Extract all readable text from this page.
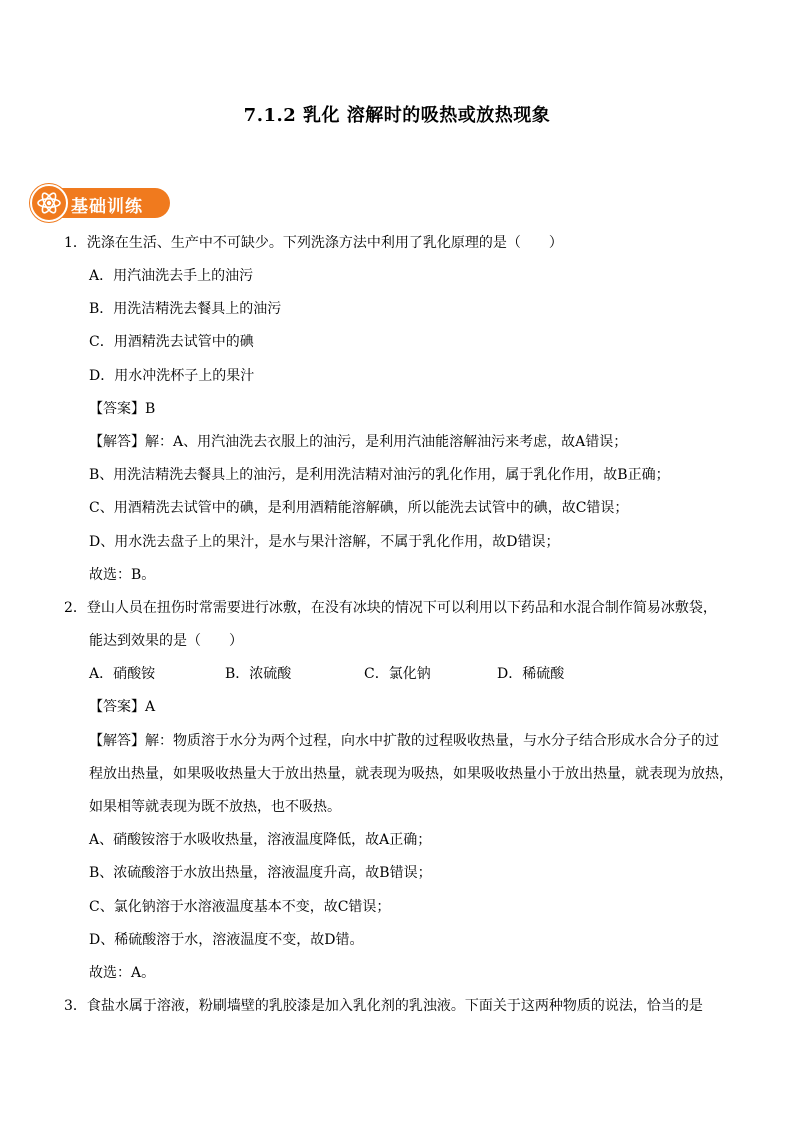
7.1.2 乳化 溶解时的吸热或放热现象
基础训练
1．洗涤在生活、生产中不可缺少。下列洗涤方法中利用了乳化原理的是（　　）
A．用汽油洗去手上的油污
B．用洗洁精洗去餐具上的油污
C．用酒精洗去试管中的碘
D．用水冲洗杯子上的果汁
【答案】B
【解答】解：A、用汽油洗去衣服上的油污，是利用汽油能溶解油污来考虑，故A错误；
B、用洗洁精洗去餐具上的油污，是利用洗洁精对油污的乳化作用，属于乳化作用，故B正确；
C、用酒精洗去试管中的碘，是利用酒精能溶解碘，所以能洗去试管中的碘，故C错误；
D、用水洗去盘子上的果汁，是水与果汁溶解，不属于乳化作用，故D错误；
故选：B。
2．登山人员在扭伤时常需要进行冰敷，在没有冰块的情况下可以利用以下药品和水混合制作简易冰敷袋，
能达到效果的是（　　）
A．硝酸铵	B．浓硫酸	C．氯化钠	D．稀硫酸
【答案】A
【解答】解：物质溶于水分为两个过程，向水中扩散的过程吸收热量，与水分子结合形成水合分子的过
程放出热量，如果吸收热量大于放出热量，就表现为吸热，如果吸收热量小于放出热量，就表现为放热，
如果相等就表现为既不放热，也不吸热。
A、硝酸铵溶于水吸收热量，溶液温度降低，故A正确；
B、浓硫酸溶于水放出热量，溶液温度升高，故B错误；
C、氯化钠溶于水溶液温度基本不变，故C错误；
D、稀硫酸溶于水，溶液温度不变，故D错。
故选：A。
3．食盐水属于溶液，粉刷墙壁的乳胶漆是加入乳化剂的乳浊液。下面关于这两种物质的说法，恰当的是
